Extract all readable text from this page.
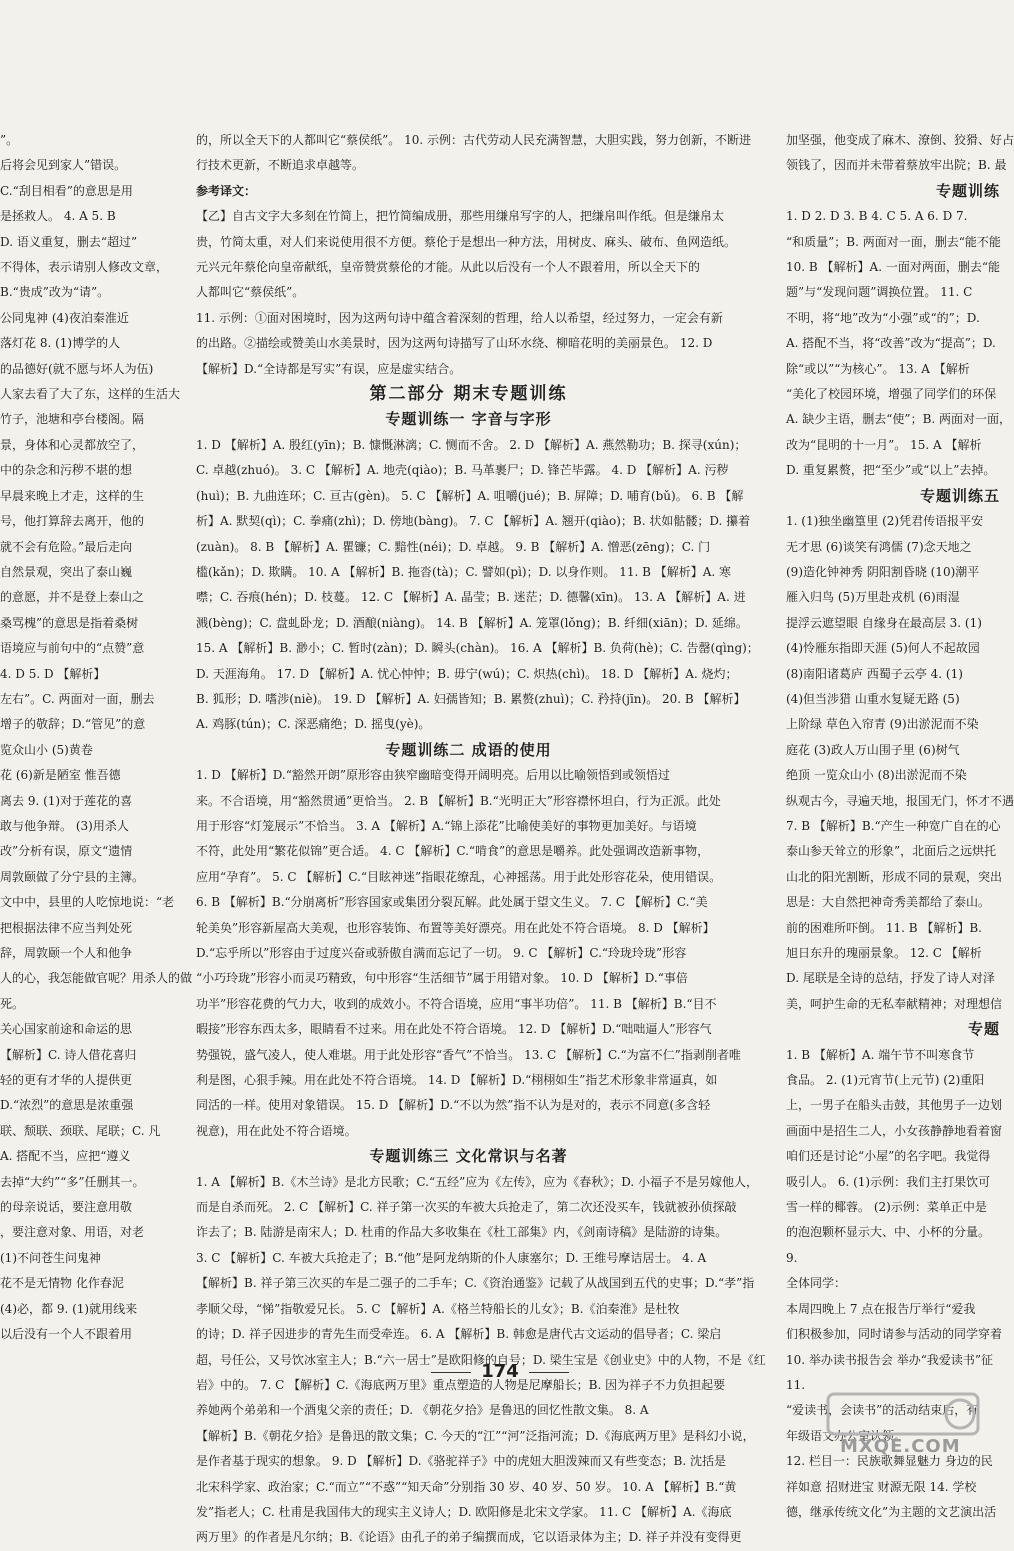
”。

后将会见到家人”错误。

C.“刮目相看”的意思是用

是拯救人。 4. A 5. B

D. 语义重复，删去“超过”

不得体，表示请别人修改文章，

B.“贵成”改为“请”。

公同鬼神 (4)夜泊秦淮近

落灯花 8. (1)博学的人

的品德好(就不愿与坏人为伍)

人家去看了大了东，这样的生活大

竹子，池塘和亭台楼阁。隔

景，身体和心灵都放空了，

中的杂念和污秽不堪的想

早晨来晚上才走，这样的生

号，他打算辞去离开，他的

就不会有危险。”最后走向

自然景观，突出了泰山巍

的意愿，并不是登上泰山之

桑骂槐”的意思是指着桑树

语境应与前句中的“点赞”意

4. D 5. D 【解析】

左右”。C. 两面对一面，删去

增子的敬辞；D.“管见”的意

览众山小 (5)黄卷

花 (6)新是陋室 惟吾德

离去 9. (1)对于莲花的喜

敢与他争辩。 (3)用杀人

改”分析有误，原文“遗情

周敦颐做了分宁县的主簿。

文中中，县里的人吃惊地说：“老

把根据法律不应当判处死

辞，周敦颐一个人和他争

人的心，我怎能做官呢？用杀人的做

死。

关心国家前途和命运的思

【解析】C. 诗人借花喜归

轻的更有才华的人提供更

D.“浓烈”的意思是浓重强

联、颓联、颈联、尾联；C. 凡

A. 搭配不当，应把“遵义

去掉“大约”“多”任删其一。

的母亲说话，要注意用敬

，要注意对象、用语，对老

(1)不问苍生问鬼神

花不是无情物 化作春泥

(4)必，都 9. (1)就用线来

以后没有一个人不跟着用

的，所以全天下的人都叫它“蔡侯纸”。 10. 示例：古代劳动人民充满智慧，大胆实践，努力创新，不断进

行技术更新，不断追求卓越等。

参考译文：

【乙】自古文字大多刻在竹简上，把竹简编成册，那些用缣帛写字的人，把缣帛叫作纸。但是缣帛太

贵，竹简太重，对人们来说使用很不方便。蔡伦于是想出一种方法，用树皮、麻头、破布、鱼网造纸。

元兴元年蔡伦向皇帝献纸，皇帝赞赏蔡伦的才能。从此以后没有一个人不跟着用，所以全天下的

人都叫它“蔡侯纸”。

11. 示例：①面对困境时，因为这两句诗中蕴含着深刻的哲理，给人以希望，经过努力，一定会有新

的出路。②描绘或赞美山水美景时，因为这两句诗描写了山环水绕、柳暗花明的美丽景色。 12. D

【解析】D.“全诗都是写实”有误，应是虚实结合。

第二部分 期末专题训练

专题训练一 字音与字形

1. D 【解析】A. 殷红(yīn)；B. 慷慨淋漓；C. 恻而不舍。 2. D 【解析】A. 燕然勒功；B. 探寻(xún)；

C. 卓越(zhuó)。 3. C 【解析】A. 地壳(qiào)；B. 马革裹尸；D. 锋芒毕露。 4. D 【解析】A. 污秽

(huì)；B. 九曲连环；C. 亘古(gèn)。 5. C 【解析】A. 咀嚼(jué)；B. 屏障；D. 哺育(bǔ)。 6. B 【解

析】A. 默契(qì)；C. 拳痛(zhì)；D. 傍地(bàng)。 7. C 【解析】A. 翘开(qiào)；B. 状如骷髅；D. 攥着

(zuàn)。 8. B 【解析】A. 瞿镰；C. 黯性(néi)；D. 卓越。 9. B 【解析】A. 憎恶(zēng)；C. 门

槛(kǎn)；D. 欺瞒。 10. A 【解析】B. 拖沓(tà)；C. 譬如(pì)；D. 以身作则。 11. B 【解析】A. 寒

噤；C. 吞痕(hén)；D. 枝蔓。 12. C 【解析】A. 晶莹；B. 迷茫；D. 德馨(xīn)。 13. A 【解析】A. 迸

溅(bèng)；C. 盘虬卧龙；D. 酒酿(niàng)。 14. B 【解析】A. 笼罩(lǒng)；B. 纤细(xiān)；D. 延绵。

15. A 【解析】B. 渺小；C. 暂时(zàn)；D. 瞬头(chàn)。 16. A 【解析】B. 负荷(hè)；C. 告罄(qìng)；

D. 天涯海角。 17. D 【解析】A. 忧心忡忡；B. 毋宁(wú)；C. 炽热(chì)。 18. D 【解析】A. 烧灼；

B. 狐形；D. 嗜涉(niè)。 19. D 【解析】A. 妇孺皆知；B. 累赘(zhuì)；C. 矜持(jīn)。 20. B 【解析】

A. 鸡豚(tún)；C. 深恶痛绝；D. 摇曳(yè)。

专题训练二 成语的使用

1. D 【解析】D.“豁然开朗”原形容由狭窄幽暗变得开阔明亮。后用以比喻领悟到或领悟过

来。不合语境，用“豁然贯通”更恰当。 2. B 【解析】B.“光明正大”形容襟怀坦白，行为正派。此处

用于形容“灯笼展示”不恰当。 3. A 【解析】A.“锦上添花”比喻使美好的事物更加美好。与语境

不符，此处用“繁花似锦”更合适。 4. C 【解析】C.“啃食”的意思是嚼养。此处强调改造新事物，

应用“孕育”。 5. C 【解析】C.“目眩神迷”指眼花缭乱，心神摇荡。用于此处形容花朵，使用错误。

6. B 【解析】B.“分崩离析”形容国家或集团分裂瓦解。此处属于望文生义。 7. C 【解析】C.“美

轮美奂”形容新屋高大美观，也形容装饰、布置等美好漂亮。用在此处不符合语境。 8. D 【解析】

D.“忘乎所以”形容由于过度兴奋或骄傲自满而忘记了一切。 9. C 【解析】C.“玲珑玲珑”形容

“小巧玲珑”形容小而灵巧精致，句中形容“生活细节”属于用错对象。 10. D 【解析】D.“事倍

功半”形容花费的气力大，收到的成效小。不符合语境，应用“事半功倍”。 11. B 【解析】B.“目不

暇接”形容东西太多，眼睛看不过来。用在此处不符合语境。 12. D 【解析】D.“咄咄逼人”形容气

势强锐，盛气凌人，使人难堪。用于此处形容“香气”不恰当。 13. C 【解析】C.“为富不仁”指剥削者唯

利是图，心狠手辣。用在此处不符合语境。 14. D 【解析】D.“栩栩如生”指艺术形象非常逼真，如

同活的一样。使用对象错误。 15. D 【解析】D.“不以为然”指不认为是对的，表示不同意(多含轻

视意)，用在此处不符合语境。

专题训练三 文化常识与名著

1. A 【解析】B.《木兰诗》是北方民歌；C.“五经”应为《左传》，应为《春秋》；D. 小福子不是另嫁他人，

而是自杀而死。 2. C 【解析】C. 祥子第一次买的车被大兵抢走了，第二次还没买车，钱就被孙侦探敲

诈去了；B. 陆游是南宋人；D. 杜甫的作品大多收集在《杜工部集》内，《剑南诗稿》是陆游的诗集。

3. C 【解析】C. 车被大兵抢走了；B.“他”是阿龙纳斯的仆人康塞尔；D. 王维号摩诘居士。 4. A

【解析】B. 祥子第三次买的车是二强子的二手车；C.《资治通鉴》记载了从战国到五代的史事；D.“孝”指

孝顺父母，“悌”指敬爱兄长。 5. C 【解析】A.《格兰特船长的儿女》；B.《泊秦淮》是杜牧

的诗；D. 祥子因进步的青先生而受牵连。 6. A 【解析】B. 韩愈是唐代古文运动的倡导者；C. 梁启

超，号任公，又号饮冰室主人；B.“六一居士”是欧阳修的自号；D. 梁生宝是《创业史》中的人物，不是《红

岩》中的。 7. C 【解析】C.《海底两万里》重点塑造的人物是尼摩船长；B. 因为祥子不力负担起要

养她两个弟弟和一个酒鬼父亲的责任；D. 《朝花夕拾》是鲁迅的回忆性散文集。 8. A

【解析】B.《朝花夕拾》是鲁迅的散文集；C. 今天的“江”“河”泛指河流；D.《海底两万里》是科幻小说，

是作者基于现实的想象。 9. D 【解析】D.《骆驼祥子》中的虎妞大胆泼辣而又有些变态；B. 沈括是

北宋科学家、政治家；C.“而立”“不惑”“知天命”分别指 30 岁、40 岁、50 岁。 10. A 【解析】B.“黄

发”指老人；C. 杜甫是我国伟大的现实主义诗人；D. 欧阳修是北宋文学家。 11. C 【解析】A.《海底

两万里》的作者是凡尔纳；B.《论语》由孔子的弟子编撰而成，它以语录体为主；D. 祥子并没有变得更

加坚强，他变成了麻木、潦倒、狡猾、好占

领钱了，因而并未带着蔡放牢出院；B. 最

专题训练

1. D 2. D 3. B 4. C 5. A 6. D 7.

“和质量”；B. 两面对一面，删去“能不能

10. B 【解析】A. 一面对两面，删去“能

题”与“发现问题”调换位置。 11. C

不明，将“地”改为“小强”或“的”；D.

A. 搭配不当，将“改善”改为“提高”；D.

除“或以”“为核心”。 13. A 【解析

“美化了校园环境，增强了同学们的环保

A. 缺少主语，删去“使”；B. 两面对一面，

改为“昆明的十一月”。 15. A 【解析

D. 重复累赘，把“至少”或“以上”去掉。

专题训练五

1. (1)独坐幽篁里 (2)凭君传语报平安

无才思 (6)谈笑有鸿儒 (7)念天地之

(9)造化钟神秀 阴阳割昏晓 (10)潮平

雁入归鸟 (5)万里赴戎机 (6)雨湿

提浮云遮望眼 自缘身在最高层 3. (1)

(4)怜雁东指即天涯 (5)何人不起故园

(8)南阳诸葛庐 西蜀子云亭 4. (1)

(4)但当涉猎 山重水复疑无路 (5)

上阶绿 草色入帘青 (9)出淤泥而不染

庭花 (3)政人万山围子里 (6)树气

绝顶 一览众山小 (8)出淤泥而不染

纵观古今，寻遍天地，报国无门，怀才不遇

7. B 【解析】B.“产生一种宽广自在的心

泰山参天耸立的形象”，北面后之远烘托

山北的阳光割断，形成不同的景观，突出

思是：大自然把神奇秀美都给了泰山。

前的困难所吓倒。 11. B 【解析】B.

旭日东升的瑰丽景象。 12. C 【解析

D. 尾联是全诗的总结，抒发了诗人对泽

美，呵护生命的无私奉献精神；对理想信

专题

1. B 【解析】A. 端午节不叫寒食节

食品。 2. (1)元宵节(上元节) (2)重阳

上，一男子在船头击鼓，其他男子一边划

画面中是招生二人，小女孩静静地看着窗

咱们还是讨论“小屋”的名字吧。我觉得

吸引人。 6. (1)示例：我们主打果饮可

雪一样的椰蓉。 (2)示例：菜单正中是

的泡泡颗杯显示大、中、小杯的分量。

9.

全体同学：

本周四晚上 7 点在报告厅举行“爱我

们积极参加，同时请参与活动的同学穿着

10. 举办读书报告会 举办“我爱读书”征

11.

“爱读书，会读书”的活动结束后，有

年级语文办公室认领。

12. 栏目一：民族歌舞显魅力 身边的民

祥如意 招财进宝 财源无限 14. 学校

德，继承传统文化”为主题的文艺演出活

174
MXQE.COM
